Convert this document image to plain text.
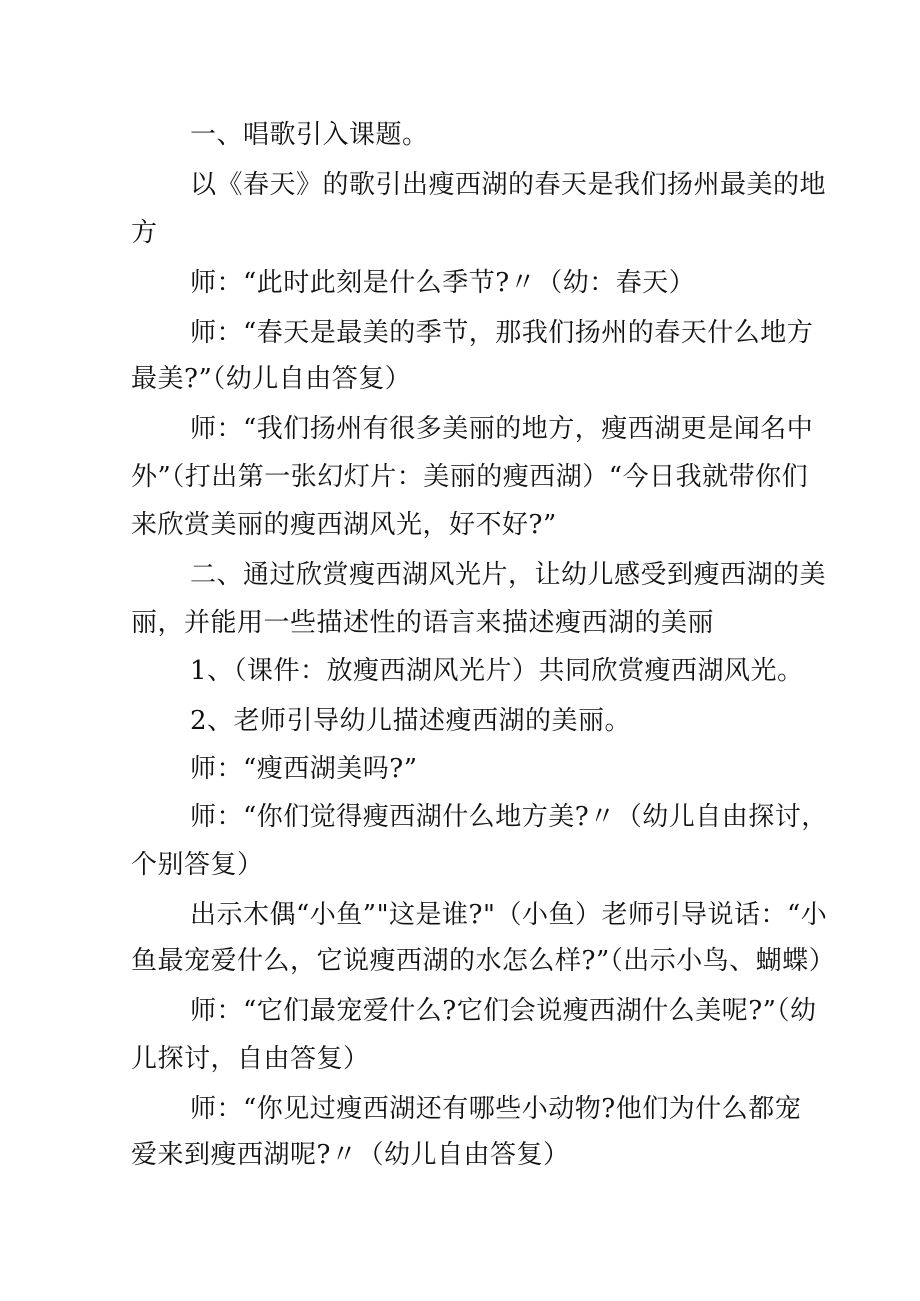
一、唱歌引入课题。
以《春天》的歌引出瘦西湖的春天是我们扬州最美的地
方
师：“此时此刻是什么季节?〃（幼：春天）
师：“春天是最美的季节，那我们扬州的春天什么地方
最美?”（幼儿自由答复）
师：“我们扬州有很多美丽的地方，瘦西湖更是闻名中
外”（打出第一张幻灯片：美丽的瘦西湖）“今日我就带你们
来欣赏美丽的瘦西湖风光，好不好?”
二、通过欣赏瘦西湖风光片，让幼儿感受到瘦西湖的美
丽，并能用一些描述性的语言来描述瘦西湖的美丽
1、（课件：放瘦西湖风光片）共同欣赏瘦西湖风光。
2、老师引导幼儿描述瘦西湖的美丽。
师：“瘦西湖美吗?”
师：“你们觉得瘦西湖什么地方美?〃（幼儿自由探讨，
个别答复）
出示木偶“小鱼”"这是谁?"（小鱼）老师引导说话：“小
鱼最宠爱什么，它说瘦西湖的水怎么样?”（出示小鸟、蝴蝶）
师：“它们最宠爱什么?它们会说瘦西湖什么美呢?”（幼
儿探讨，自由答复）
师：“你见过瘦西湖还有哪些小动物?他们为什么都宠
爱来到瘦西湖呢?〃（幼儿自由答复）
